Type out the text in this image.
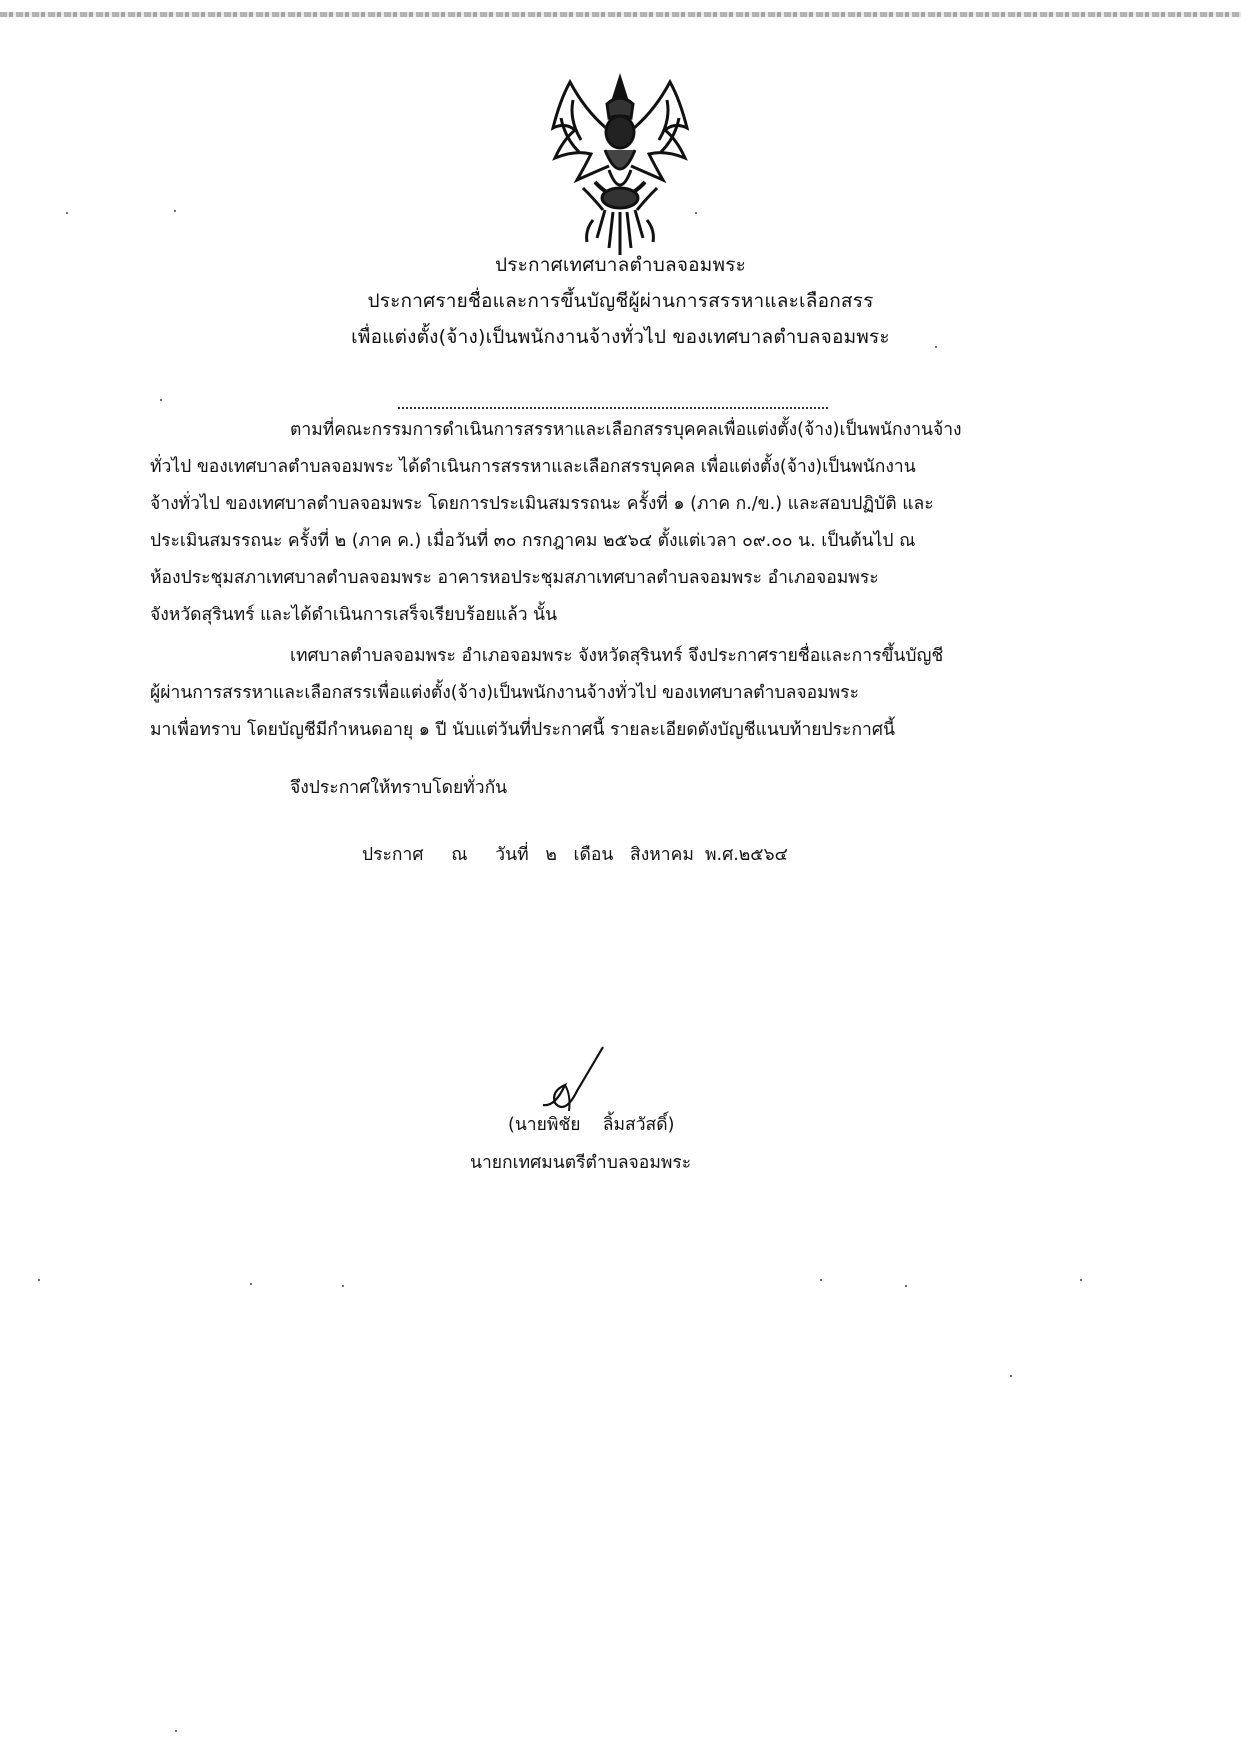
ประกาศเทศบาลตำบลจอมพระ
ประกาศรายชื่อและการขึ้นบัญชีผู้ผ่านการสรรหาและเลือกสรร
เพื่อแต่งตั้ง(จ้าง)เป็นพนักงานจ้างทั่วไป ของเทศบาลตำบลจอมพระ
ตามที่คณะกรรมการดำเนินการสรรหาและเลือกสรรบุคคลเพื่อแต่งตั้ง(จ้าง)เป็นพนักงานจ้าง
ทั่วไป ของเทศบาลตำบลจอมพระ ได้ดำเนินการสรรหาและเลือกสรรบุคคล เพื่อแต่งตั้ง(จ้าง)เป็นพนักงาน
จ้างทั่วไป ของเทศบาลตำบลจอมพระ โดยการประเมินสมรรถนะ ครั้งที่ ๑ (ภาค ก./ข.) และสอบปฏิบัติ และ
ประเมินสมรรถนะ ครั้งที่ ๒ (ภาค ค.) เมื่อวันที่ ๓๐ กรกฎาคม ๒๕๖๔ ตั้งแต่เวลา ๐๙.๐๐ น. เป็นต้นไป ณ
ห้องประชุมสภาเทศบาลตำบลจอมพระ อาคารหอประชุมสภาเทศบาลตำบลจอมพระ อำเภอจอมพระ
จังหวัดสุรินทร์ และได้ดำเนินการเสร็จเรียบร้อยแล้ว นั้น
เทศบาลตำบลจอมพระ อำเภอจอมพระ จังหวัดสุรินทร์ จึงประกาศรายชื่อและการขึ้นบัญชี
ผู้ผ่านการสรรหาและเลือกสรรเพื่อแต่งตั้ง(จ้าง)เป็นพนักงานจ้างทั่วไป ของเทศบาลตำบลจอมพระ
มาเพื่อทราบ โดยบัญชีมีกำหนดอายุ ๑ ปี นับแต่วันที่ประกาศนี้ รายละเอียดดังบัญชีแนบท้ายประกาศนี้
จึงประกาศให้ทราบโดยทั่วกัน
ประกาศ     ณ     วันที่   ๒   เดือน   สิงหาคม  พ.ศ.๒๕๖๔
(นายพิชัย    ลิ้มสวัสดิ์)
นายกเทศมนตรีตำบลจอมพระ
